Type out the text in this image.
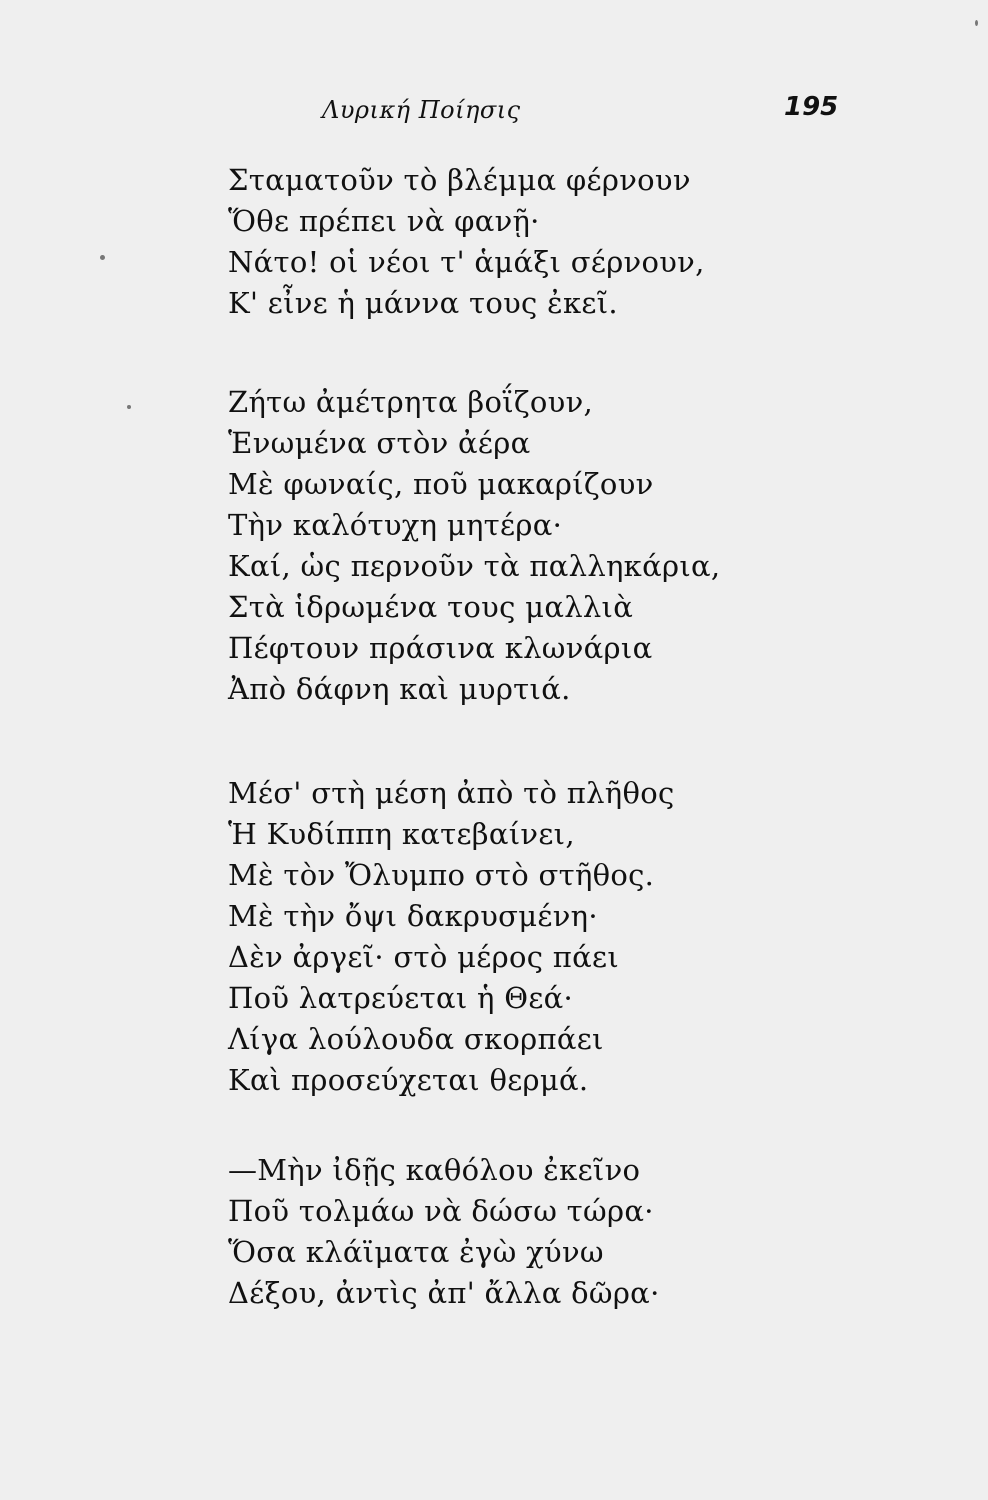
Λυρική Ποίησις	195
Σταματοῦν τὸ βλέμμα φέρνουν
Ὅθε πρέπει νὰ φανῇ·
Νάτο! οἱ νέοι τ' ἁμάξι σέρνουν,
Κ' εἶνε ἡ μάννα τους ἐκεῖ.
Ζήτω ἀμέτρητα βοΐζουν,
Ἑνωμένα στὸν ἀέρα
Μὲ φωναίς, ποῦ μακαρίζουν
Τὴν καλότυχη μητέρα·
Καί, ὡς περνοῦν τὰ παλληκάρια,
Στὰ ἱδρωμένα τους μαλλιὰ
Πέφτουν πράσινα κλωνάρια
Ἀπὸ δάφνη καὶ μυρτιά.
Μέσ' στὴ μέση ἀπὸ τὸ πλῆθος
Ἡ Κυδίππη κατεβαίνει,
Μὲ τὸν Ὄλυμπο στὸ στῆθος.
Μὲ τὴν ὄψι δακρυσμένη·
Δὲν ἀργεῖ· στὸ μέρος πάει
Ποῦ λατρεύεται ἡ Θεά·
Λίγα λούλουδα σκορπάει
Καὶ προσεύχεται θερμά.
—Μὴν ἰδῇς καθόλου ἐκεῖνο
Ποῦ τολμάω νὰ δώσω τώρα·
Ὅσα κλάϊματα ἐγὼ χύνω
Δέξου, ἀντὶς ἀπ' ἄλλα δῶρα·
